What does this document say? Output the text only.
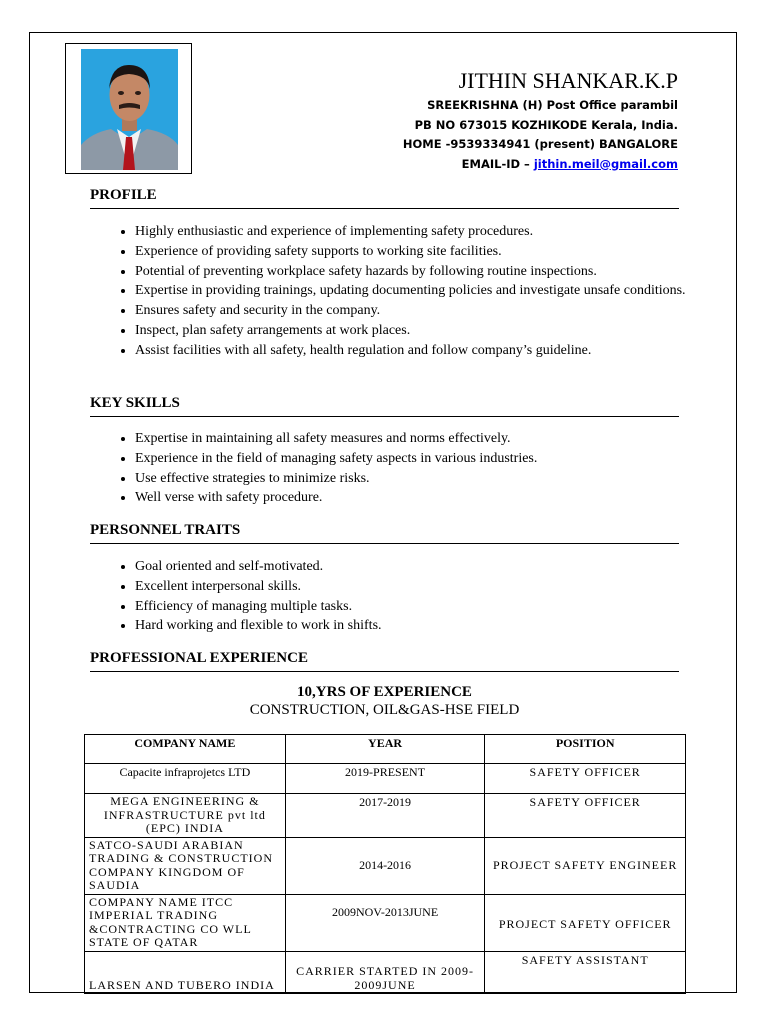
JITHIN SHANKAR.K.P
SREEKRISHNA (H) Post Office parambil
PB NO 673015 KOZHIKODE Kerala, India.
HOME -9539334941 (present) BANGALORE
EMAIL-ID – jithin.meil@gmail.com
PROFILE
• Highly enthusiastic and experience of implementing safety procedures.
• Experience of providing safety supports to working site facilities.
• Potential of preventing workplace safety hazards by following routine inspections.
• Expertise in providing trainings, updating documenting policies and investigate unsafe conditions.
• Ensures safety and security in the company.
• Inspect, plan safety arrangements at work places.
• Assist facilities with all safety, health regulation and follow company’s guideline.
KEY SKILLS
• Expertise in maintaining all safety measures and norms effectively.
• Experience in the field of managing safety aspects in various industries.
• Use effective strategies to minimize risks.
• Well verse with safety procedure.
PERSONNEL TRAITS
• Goal oriented and self-motivated.
• Excellent interpersonal skills.
• Efficiency of managing multiple tasks.
• Hard working and flexible to work in shifts.
PROFESSIONAL EXPERIENCE
10,YRS OF EXPERIENCE
CONSTRUCTION, OIL&GAS-HSE FIELD
COMPANY NAME	YEAR	POSITION
Capacite infraprojetcs LTD	2019-PRESENT	SAFETY OFFICER
MEGA ENGINEERING & INFRASTRUCTURE pvt ltd (EPC) INDIA	2017-2019	SAFETY OFFICER
SATCO-SAUDI ARABIAN TRADING & CONSTRUCTION COMPANY KINGDOM OF SAUDIA	2014-2016	PROJECT SAFETY ENGINEER
COMPANY NAME ITCC IMPERIAL TRADING &CONTRACTING CO WLL STATE OF QATAR	2009NOV-2013JUNE	PROJECT SAFETY OFFICER
LARSEN AND TUBERO INDIA	CARRIER STARTED IN 2009-2009JUNE	SAFETY ASSISTANT
